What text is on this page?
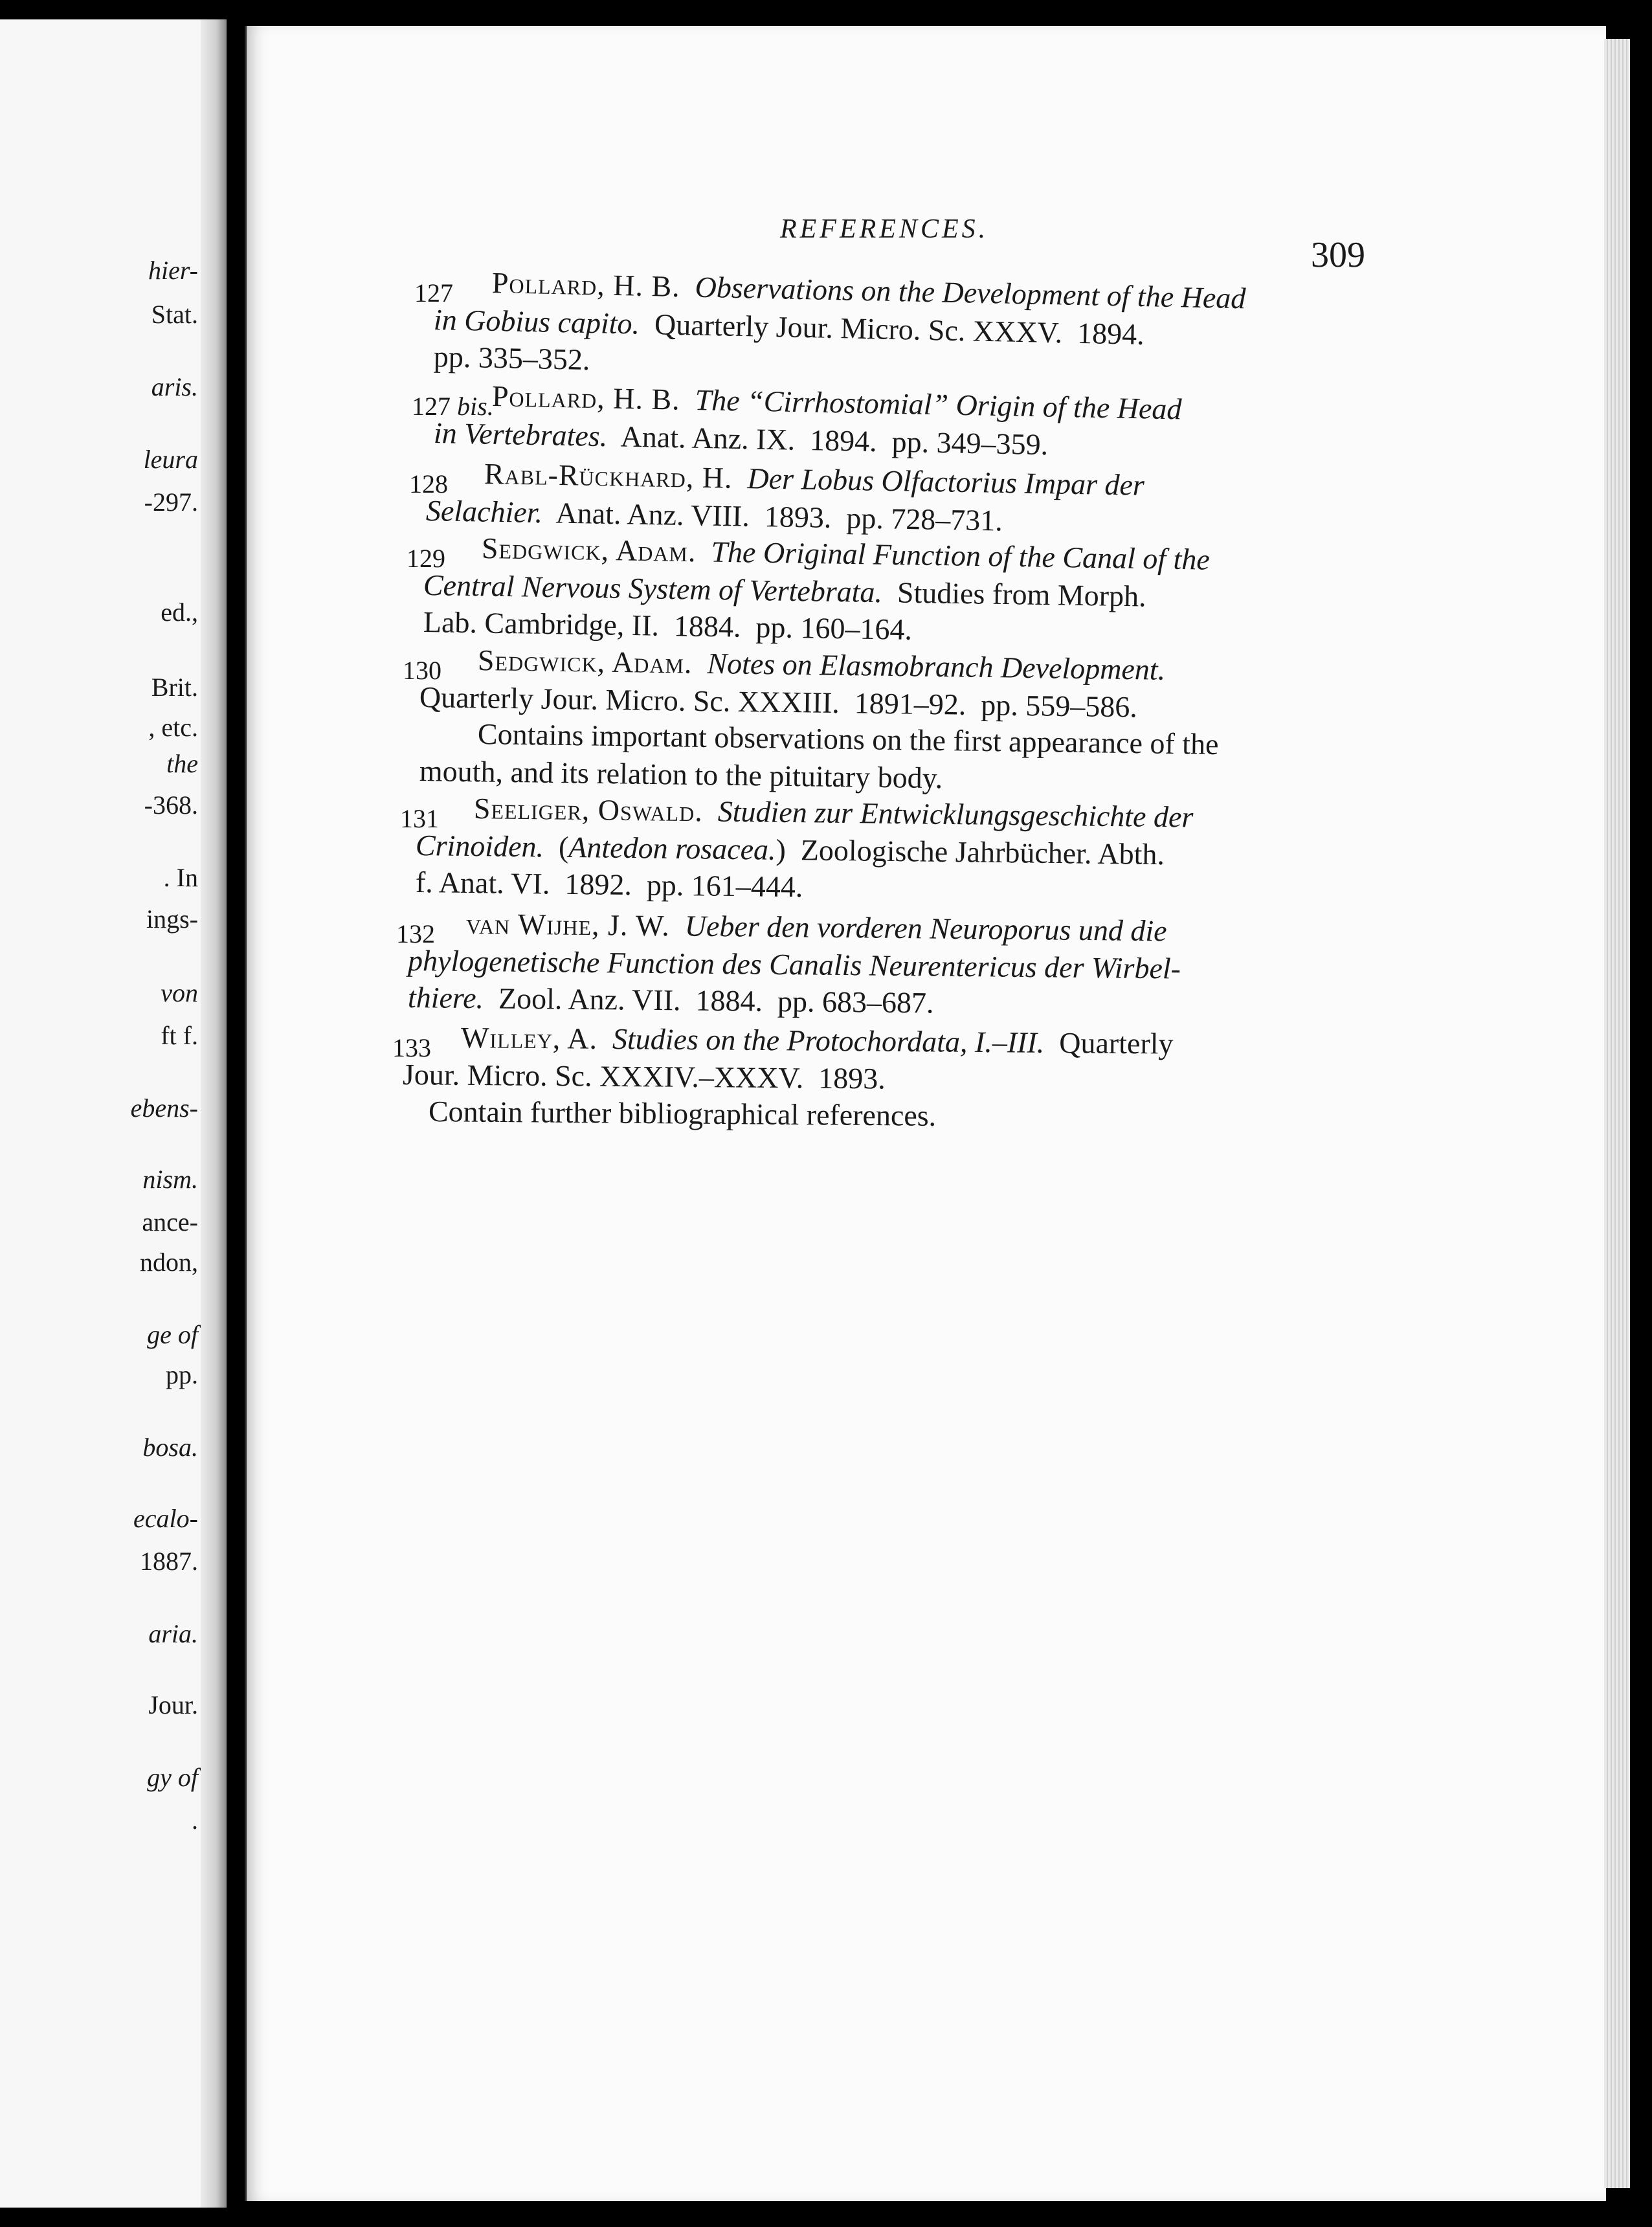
hier-
Stat.
aris.
leura
-297.
ed.,
Brit.
, etc.
the
-368.
. In
ings-
von
ft f.
ebens-
nism.
ance-
ndon,
ge of
pp.
bosa.
ecalo-
1887.
aria.
Jour.
gy of
.
REFERENCES.
309
127 Pollard, H. B. Observations on the Development of the Head
in Gobius capito.  Quarterly Jour. Micro. Sc. XXXV.  1894.
pp. 335–352.
127 bis.
Pollard, H. B. The “Cirrhostomial” Origin of the Head
in Vertebrates.  Anat. Anz. IX.  1894.  pp. 349–359.
128 Rabl-Rückhard, H. Der Lobus Olfactorius Impar der
Selachier.  Anat. Anz. VIII.  1893.  pp. 728–731.
129 Sedgwick, Adam. The Original Function of the Canal of the
Central Nervous System of Vertebrata.  Studies from Morph.
Lab. Cambridge, II.  1884.  pp. 160–164.
130 Sedgwick, Adam. Notes on Elasmobranch Development.
Quarterly Jour. Micro. Sc. XXXIII.  1891–92.  pp. 559–586.
Contains important observations on the first appearance of the
mouth, and its relation to the pituitary body.
131 Seeliger, Oswald. Studien zur Entwicklungsgeschichte der
Crinoiden.  (Antedon rosacea.)  Zoologische Jahrbücher. Abth.
f. Anat. VI.  1892.  pp. 161–444.
132 van Wijhe, J. W. Ueber den vorderen Neuroporus und die
phylogenetische Function des Canalis Neurentericus der Wirbel-
thiere.  Zool. Anz. VII.  1884.  pp. 683–687.
133 Willey, A. Studies on the Protochordata, I.–III.  Quarterly
Jour. Micro. Sc. XXXIV.–XXXV.  1893.
Contain further bibliographical references.
